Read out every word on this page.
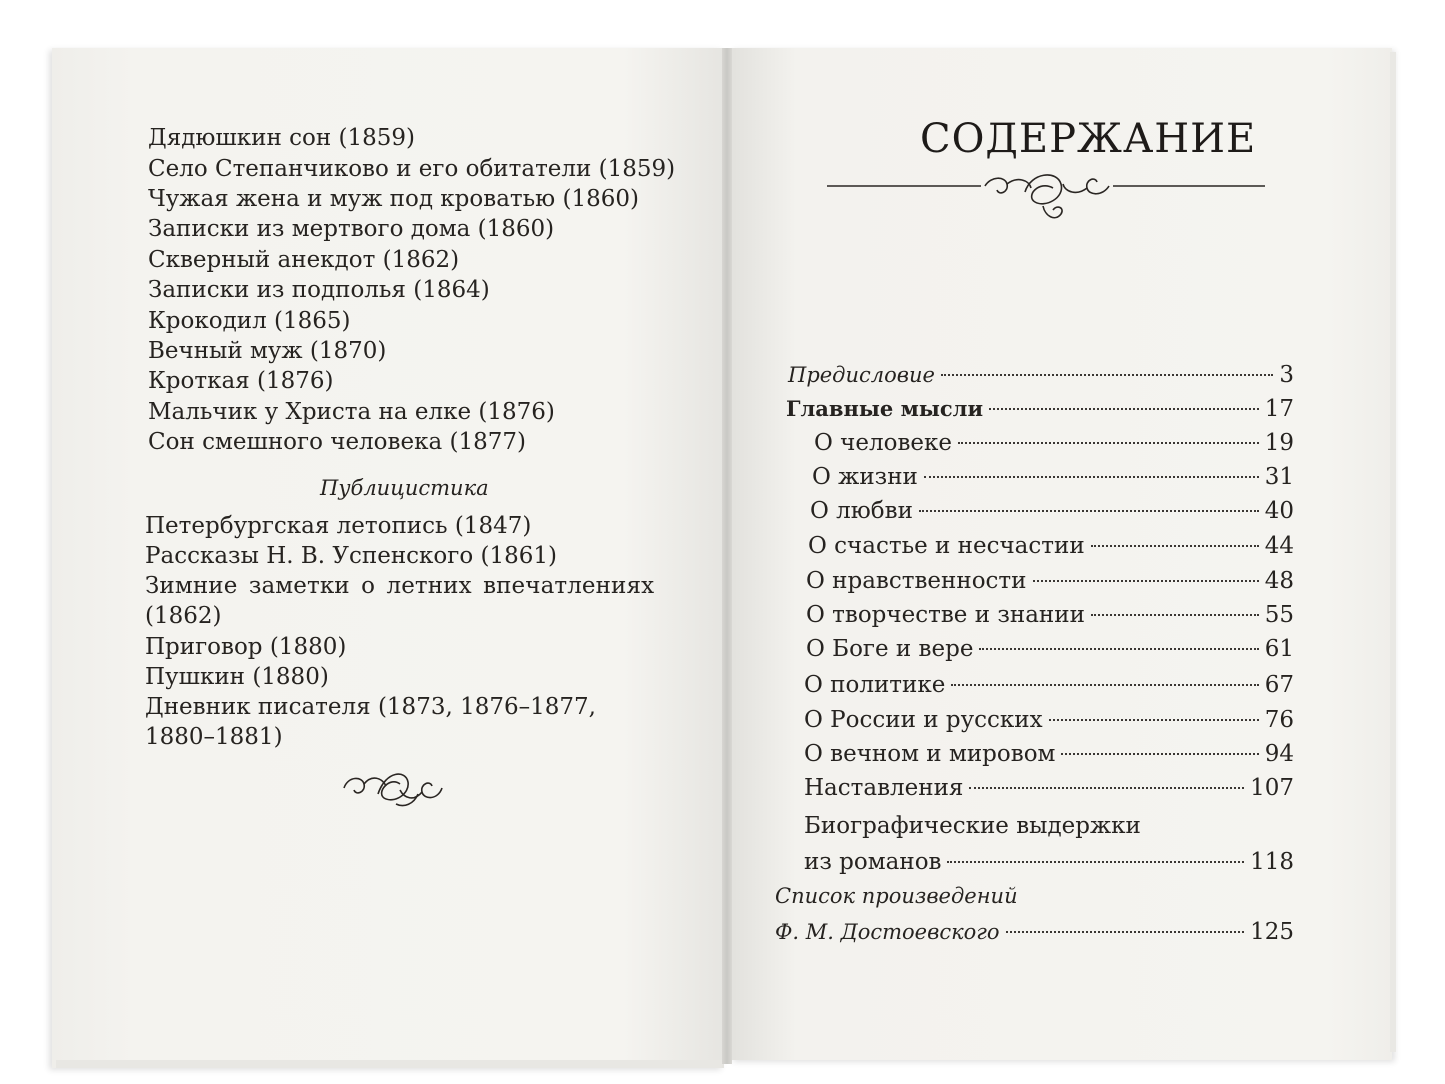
Дядюшкин сон (1859)
Село Степанчиково и его обитатели (1859)
Чужая жена и муж под кроватью (1860)
Записки из мертвого дома (1860)
Скверный анекдот (1862)
Записки из подполья (1864)
Крокодил (1865)
Вечный муж (1870)
Кроткая (1876)
Мальчик у Христа на елке (1876)
Сон смешного человека (1877)
Публицистика
Петербургская летопись (1847)
Рассказы Н. В. Успенского (1861)
Зимние заметки о летних впечатлениях
(1862)
Приговор (1880)
Пушкин (1880)
Дневник писателя (1873, 1876–1877,
1880–1881)
СОДЕРЖАНИЕ
Предисловие	3
Главные мысли	17
О человеке	19
О жизни	31
О любви	40
О счастье и несчастии	44
О нравственности	48
О творчестве и знании	55
О Боге и вере	61
О политике	67
О России и русских	76
О вечном и мировом	94
Наставления	107
Биографические выдержки
из романов	118
Список произведений
Ф. М. Достоевского	125
